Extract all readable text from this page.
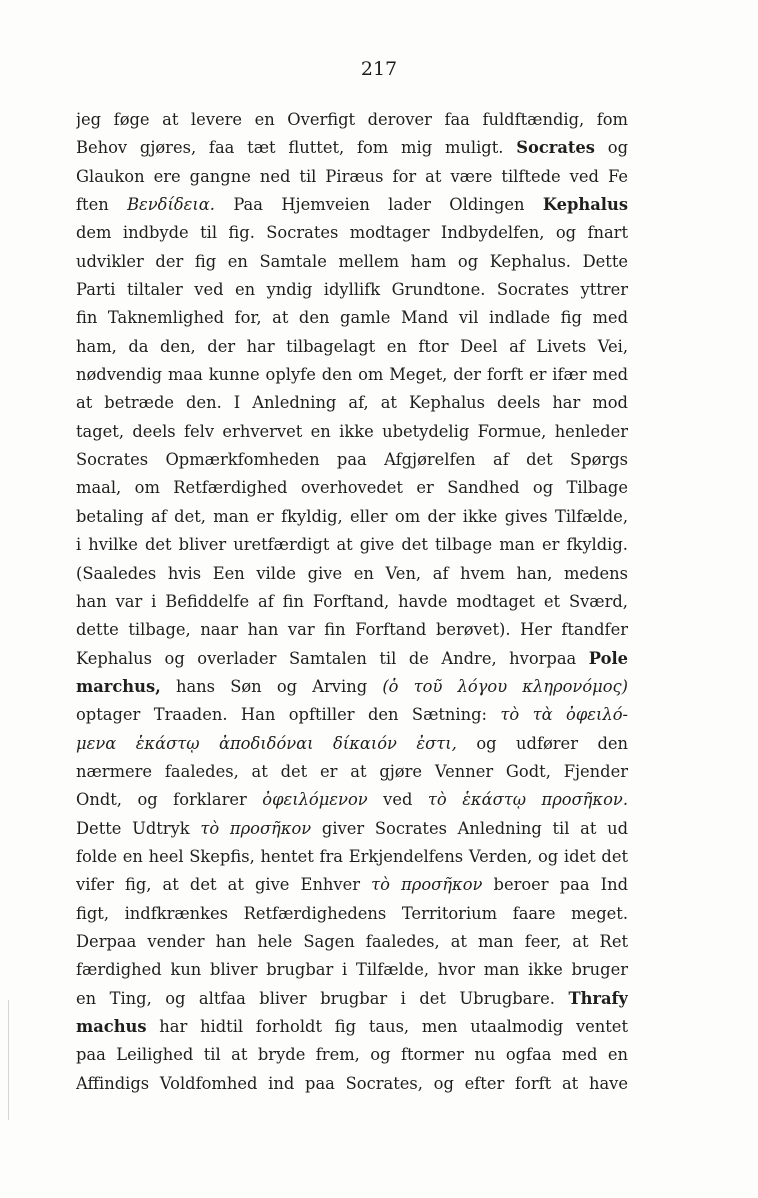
217
jeg føge at levere en Overfigt derover faa fuldftændig, fom
Behov gjøres, faa tæt fluttet, fom mig muligt. Socrates og
Glaukon ere gangne ned til Piræus for at være tilftede ved Fe
ften Βενδίδεια. Paa Hjemveien lader Oldingen Kephalus
dem indbyde til fig. Socrates modtager Indbydelfen, og fnart
udvikler der fig en Samtale mellem ham og Kephalus. Dette
Parti tiltaler ved en yndig idyllifk Grundtone. Socrates yttrer
fin Taknemlighed for, at den gamle Mand vil indlade fig med
ham, da den, der har tilbagelagt en ftor Deel af Livets Vei,
nødvendig maa kunne oplyfe den om Meget, der forft er ifær med
at betræde den. I Anledning af, at Kephalus deels har mod
taget, deels felv erhvervet en ikke ubetydelig Formue, henleder
Socrates Opmærkfomheden paa Afgjørelfen af det Spørgs
maal, om Retfærdighed overhovedet er Sandhed og Tilbage
betaling af det, man er fkyldig, eller om der ikke gives Tilfælde,
i hvilke det bliver uretfærdigt at give det tilbage man er fkyldig.
(Saaledes hvis Een vilde give en Ven, af hvem han, medens
han var i Befiddelfe af fin Forftand, havde modtaget et Sværd,
dette tilbage, naar han var fin Forftand berøvet). Her ftandfer
Kephalus og overlader Samtalen til de Andre, hvorpaa Pole
marchus, hans Søn og Arving (ὁ τοῦ λόγου κληρονόμος)
optager Traaden. Han opftiller den Sætning: τὸ τὰ ὀφειλό-
μενα ἑκάστῳ ἀποδιδόναι δίκαιόν ἐστι, og udfører den
nærmere faaledes, at det er at gjøre Venner Godt, Fjender
Ondt, og forklarer ὀφειλόμενον ved τὸ ἑκάστῳ προσῆκον.
Dette Udtryk τὸ προσῆκον giver Socrates Anledning til at ud
folde en heel Skepfis, hentet fra Erkjendelfens Verden, og idet det
vifer fig, at det at give Enhver τὸ προσῆκον beroer paa Ind
figt, indfkrænkes Retfærdighedens Territorium faare meget.
Derpaa vender han hele Sagen faaledes, at man feer, at Ret
færdighed kun bliver brugbar i Tilfælde, hvor man ikke bruger
en Ting, og altfaa bliver brugbar i det Ubrugbare. Thrafy
machus har hidtil forholdt fig taus, men utaalmodig ventet
paa Leilighed til at bryde frem, og ftormer nu ogfaa med en
Affindigs Voldfomhed ind paa Socrates, og efter forft at have
